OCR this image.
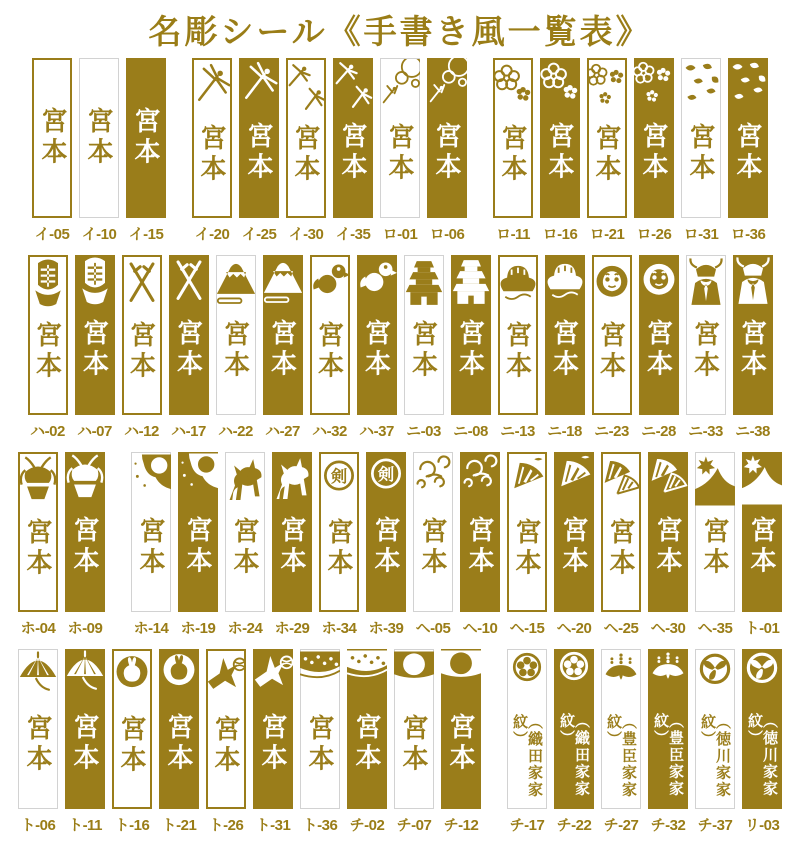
名彫シール《手書き風一覧表》
宮本
イ-05
宮本
イ-10
宮本
イ-15
宮本
イ-20
宮本
イ-25
宮本
イ-30
宮本
イ-35
宮本
ロ-01
宮本
ロ-06
宮本
ロ-11
宮本
ロ-16
宮本
ロ-21
宮本
ロ-26
宮本
ロ-31
宮本
ロ-36
宮本
ハ-02
宮本
ハ-07
宮本
ハ-12
宮本
ハ-17
宮本
ハ-22
宮本
ハ-27
宮本
ハ-32
宮本
ハ-37
宮本
ニ-03
宮本
ニ-08
宮本
ニ-13
宮本
ニ-18
宮本
ニ-23
宮本
ニ-28
宮本
ニ-33
宮本
ニ-38
宮本
ホ-04
宮本
ホ-09
宮本
ホ-14
宮本
ホ-19
宮本
ホ-24
宮本
ホ-29
剣
宮本
ホ-34
剣
宮本
ホ-39
宮本
ヘ-05
宮本
ヘ-10
宮本
ヘ-15
宮本
ヘ-20
宮本
ヘ-25
宮本
ヘ-30
宮本
ヘ-35
宮本
ト-01
宮本
ト-06
宮本
ト-11
宮本
ト-16
宮本
ト-21
宮本
ト-26
宮本
ト-31
宮本
ト-36
宮本
チ-02
宮本
チ-07
宮本
チ-12
（織田家家紋）
チ-17
（織田家家紋）
チ-22
（豊臣家家紋）
チ-27
（豊臣家家紋）
チ-32
（徳川家家紋）
チ-37
（徳川家家紋）
リ-03
